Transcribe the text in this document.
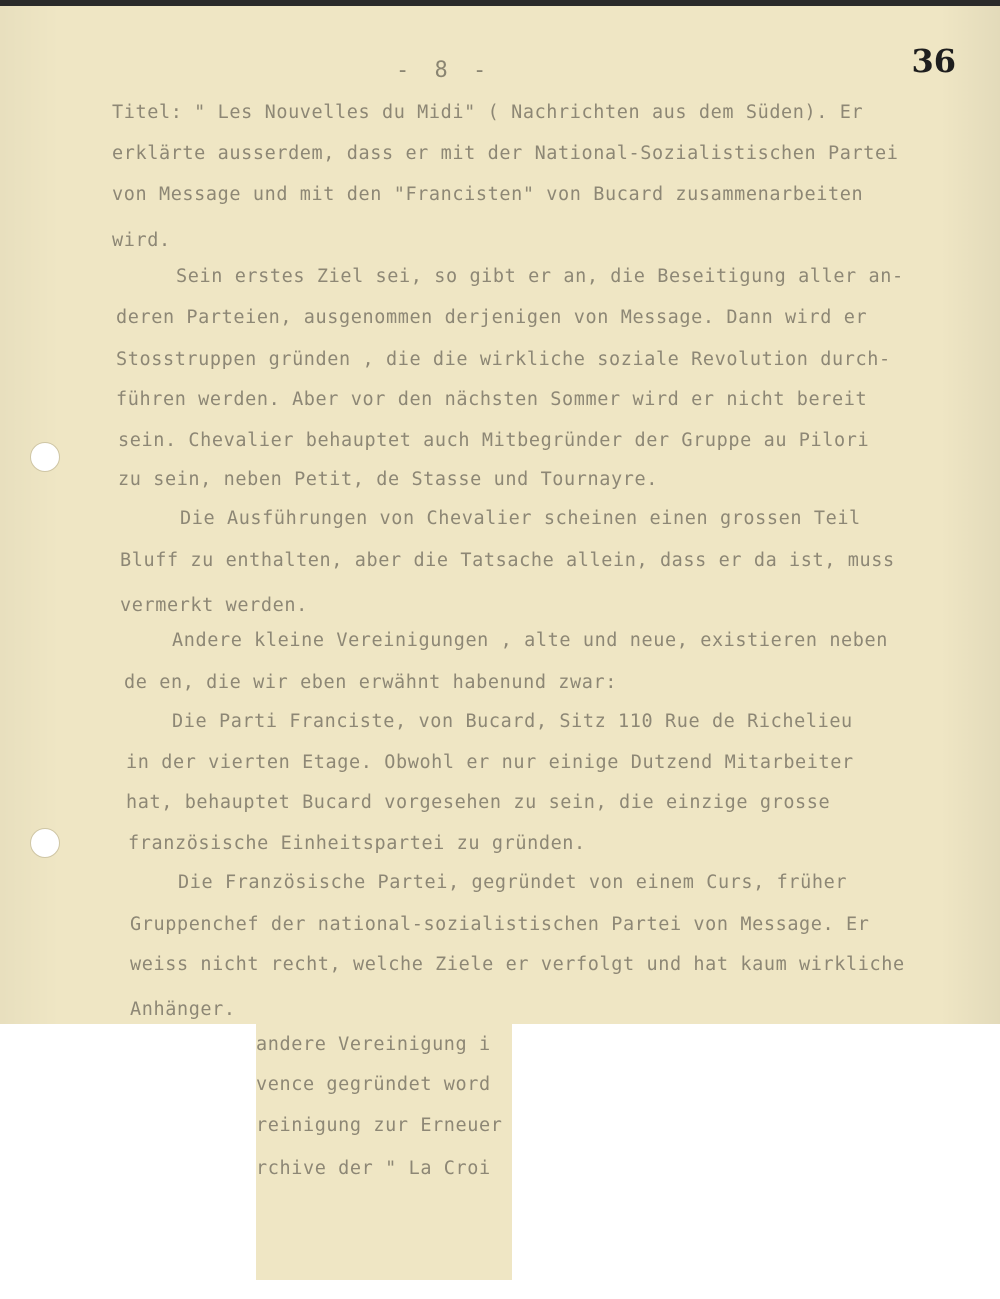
- 8 -	36
Titel: " Les Nouvelles du Midi" ( Nachrichten aus dem Süden). Er
erklärte ausserdem, dass er mit der National-Sozialistischen Partei
von Message und mit den "Francisten" von Bucard zusammenarbeiten
wird.
Sein erstes Ziel sei, so gibt er an, die Beseitigung aller an-
deren Parteien, ausgenommen derjenigen von Message. Dann wird er
Stosstruppen gründen , die die wirkliche soziale Revolution durch-
führen werden. Aber vor den nächsten Sommer wird er nicht bereit
sein. Chevalier behauptet auch Mitbegründer der Gruppe au Pilori
zu sein, neben Petit, de Stasse und Tournayre.
Die Ausführungen von Chevalier scheinen einen grossen Teil
Bluff zu enthalten, aber die Tatsache allein, dass er da ist, muss
vermerkt werden.
Andere kleine Vereinigungen , alte und neue, existieren neben
de en, die wir eben erwähnt habenund zwar:
Die Parti Franciste, von Bucard, Sitz 110 Rue de Richelieu
in der vierten Etage. Obwohl er nur einige Dutzend Mitarbeiter
hat, behauptet Bucard vorgesehen zu sein, die einzige grosse
französische Einheitspartei zu gründen.
Die Französische Partei, gegründet von einem Curs, früher
Gruppenchef der national-sozialistischen Partei von Message. Er
weiss nicht recht, welche Ziele er verfolgt und hat kaum wirkliche
Anhänger.
andere Vereinigung i
vence gegründet word
reinigung zur Erneuer
rchive der " La Croi
